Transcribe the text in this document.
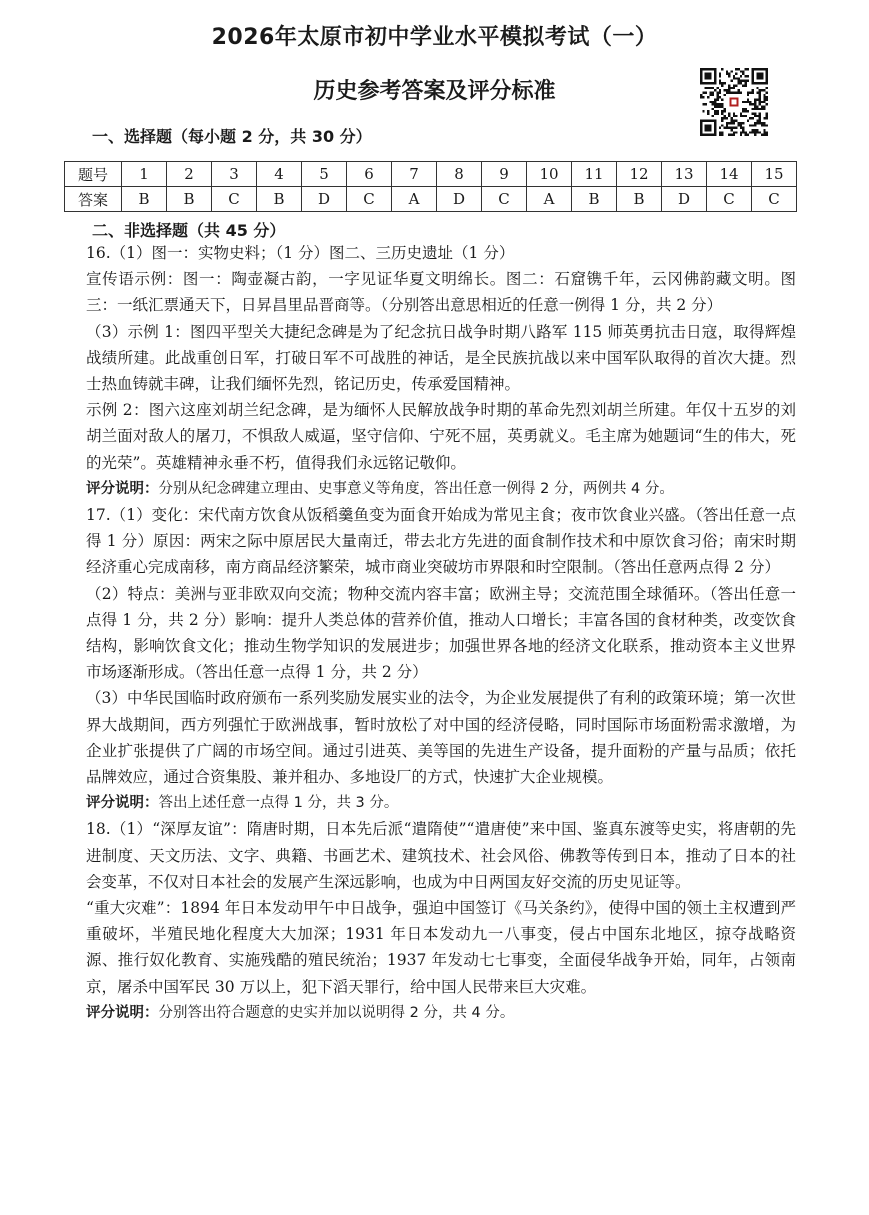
2026年太原市初中学业水平模拟考试（一）
历史参考答案及评分标准
一、选择题（每小题 2 分，共 30 分）
题号	1	2	3	4	5	6	7	8	9	10	11	12	13	14	15
答案	B	B	C	B	D	C	A	D	C	A	B	B	D	C	C
二、非选择题（共 45 分）

16.（1）图一：实物史料；（1 分）图二、三历史遗址（1 分）

宣传语示例：图一：陶壶凝古韵，一字见证华夏文明绵长。图二：石窟镌千年，云冈佛韵藏文明。图三：一纸汇票通天下，日昇昌里品晋商等。（分别答出意思相近的任意一例得 1 分，共 2 分）

（3）示例 1：图四平型关大捷纪念碑是为了纪念抗日战争时期八路军 115 师英勇抗击日寇，取得辉煌战绩所建。此战重创日军，打破日军不可战胜的神话，是全民族抗战以来中国军队取得的首次大捷。烈士热血铸就丰碑，让我们缅怀先烈，铭记历史，传承爱国精神。

示例 2：图六这座刘胡兰纪念碑，是为缅怀人民解放战争时期的革命先烈刘胡兰所建。年仅十五岁的刘胡兰面对敌人的屠刀，不惧敌人威逼，坚守信仰、宁死不屈，英勇就义。毛主席为她题词“生的伟大，死的光荣”。英雄精神永垂不朽，值得我们永远铭记敬仰。

评分说明：分别从纪念碑建立理由、史事意义等角度，答出任意一例得 2 分，两例共 4 分。

17.（1）变化：宋代南方饮食从饭稻羹鱼变为面食开始成为常见主食；夜市饮食业兴盛。（答出任意一点得 1 分）原因：两宋之际中原居民大量南迁，带去北方先进的面食制作技术和中原饮食习俗；南宋时期经济重心完成南移，南方商品经济繁荣，城市商业突破坊市界限和时空限制。（答出任意两点得 2 分）

（2）特点：美洲与亚非欧双向交流；物种交流内容丰富；欧洲主导；交流范围全球循环。（答出任意一点得 1 分，共 2 分）影响：提升人类总体的营养价值，推动人口增长；丰富各国的食材种类，改变饮食结构，影响饮食文化；推动生物学知识的发展进步；加强世界各地的经济文化联系，推动资本主义世界市场逐渐形成。（答出任意一点得 1 分，共 2 分）

（3）中华民国临时政府颁布一系列奖励发展实业的法令，为企业发展提供了有利的政策环境；第一次世界大战期间，西方列强忙于欧洲战事，暂时放松了对中国的经济侵略，同时国际市场面粉需求激增，为企业扩张提供了广阔的市场空间。通过引进英、美等国的先进生产设备，提升面粉的产量与品质；依托品牌效应，通过合资集股、兼并租办、多地设厂的方式，快速扩大企业规模。

评分说明：答出上述任意一点得 1 分，共 3 分。

18.（1）“深厚友谊”：隋唐时期，日本先后派“遣隋使”“遣唐使”来中国、鉴真东渡等史实，将唐朝的先进制度、天文历法、文字、典籍、书画艺术、建筑技术、社会风俗、佛教等传到日本，推动了日本的社会变革，不仅对日本社会的发展产生深远影响，也成为中日两国友好交流的历史见证等。

“重大灾难”：1894 年日本发动甲午中日战争，强迫中国签订《马关条约》，使得中国的领土主权遭到严重破坏，半殖民地化程度大大加深；1931 年日本发动九一八事变，侵占中国东北地区，掠夺战略资源、推行奴化教育、实施残酷的殖民统治；1937 年发动七七事变，全面侵华战争开始，同年，占领南京，屠杀中国军民 30 万以上，犯下滔天罪行，给中国人民带来巨大灾难。

评分说明：分别答出符合题意的史实并加以说明得 2 分，共 4 分。
